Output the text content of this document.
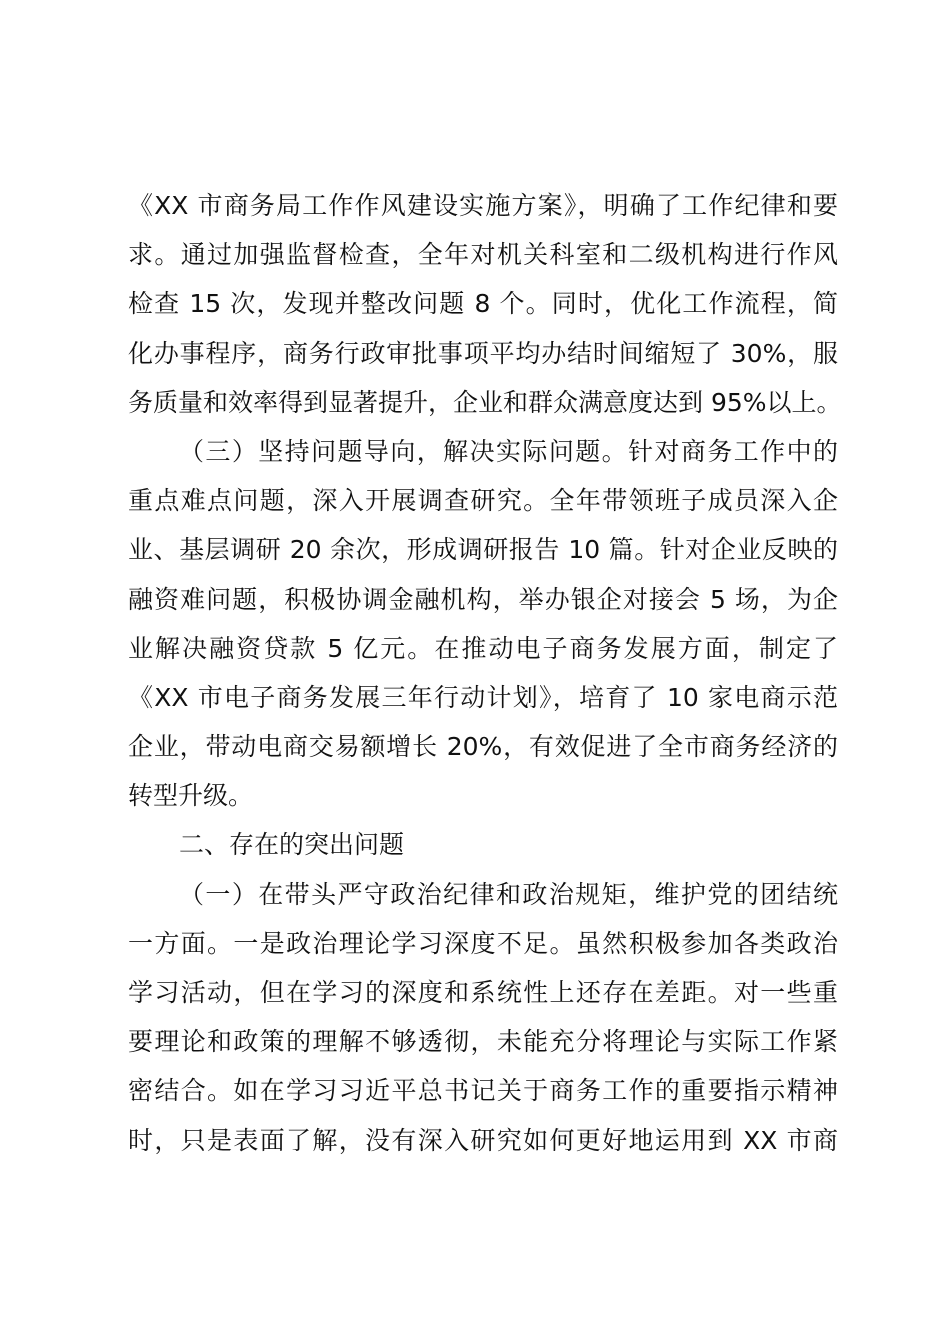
《XX 市商务局工作作风建设实施方案》，明确了工作纪律和要
求。通过加强监督检查，全年对机关科室和二级机构进行作风
检查 15 次，发现并整改问题 8 个。同时，优化工作流程，简
化办事程序，商务行政审批事项平均办结时间缩短了 30%，服
务质量和效率得到显著提升，企业和群众满意度达到 95%以上。
（三）坚持问题导向，解决实际问题。针对商务工作中的
重点难点问题，深入开展调查研究。全年带领班子成员深入企
业、基层调研 20 余次，形成调研报告 10 篇。针对企业反映的
融资难问题，积极协调金融机构，举办银企对接会 5 场，为企
业解决融资贷款 5 亿元。在推动电子商务发展方面，制定了
《XX 市电子商务发展三年行动计划》，培育了 10 家电商示范
企业，带动电商交易额增长 20%，有效促进了全市商务经济的
转型升级。
二、存在的突出问题
（一）在带头严守政治纪律和政治规矩，维护党的团结统
一方面。一是政治理论学习深度不足。虽然积极参加各类政治
学习活动，但在学习的深度和系统性上还存在差距。对一些重
要理论和政策的理解不够透彻，未能充分将理论与实际工作紧
密结合。如在学习习近平总书记关于商务工作的重要指示精神
时，只是表面了解，没有深入研究如何更好地运用到 XX 市商
